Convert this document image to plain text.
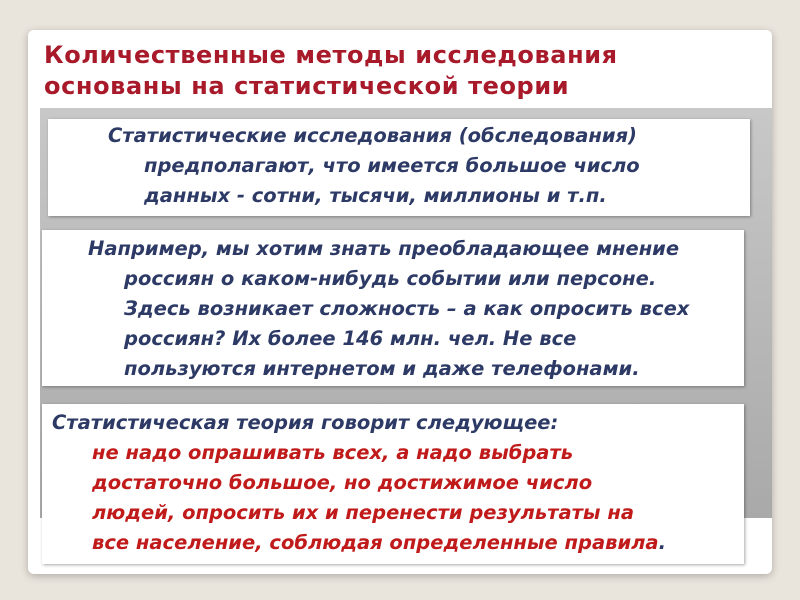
Количественные методы исследования
основаны на статистической теории

Статистические исследования (обследования)
предполагают, что имеется большое число
данных - сотни, тысячи, миллионы и т.п.

Например, мы хотим знать преобладающее мнение
россиян о каком-нибудь событии или персоне.
Здесь возникает сложность – а как опросить всех
россиян? Их более 146 млн. чел. Не все
пользуются интернетом и даже телефонами.

Статистическая теория говорит следующее:

не надо опрашивать всех, а надо выбрать
достаточно большое, но достижимое число
людей, опросить их и перенести результаты на
все население, соблюдая определенные правила.
